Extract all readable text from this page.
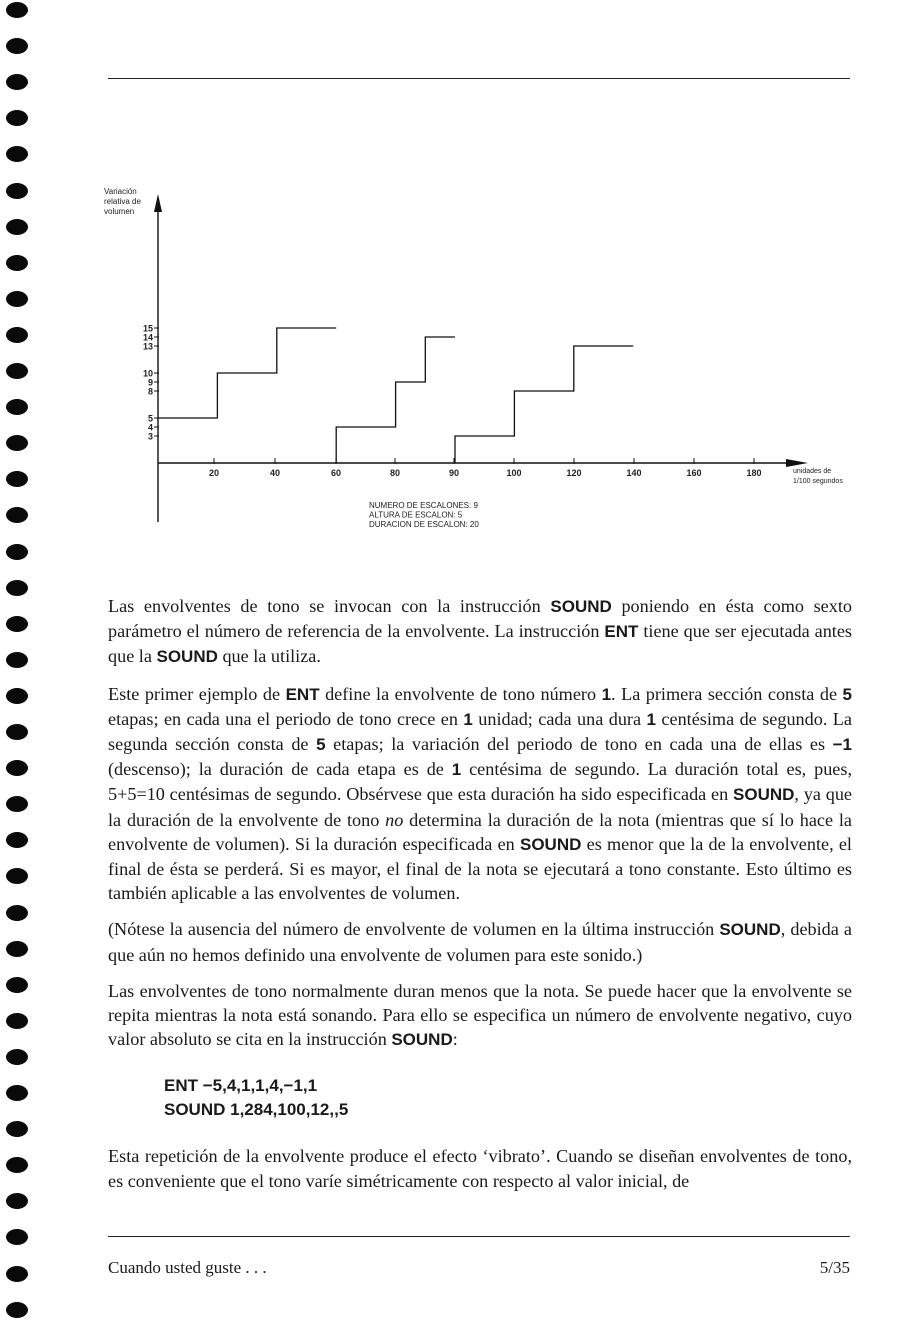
Variación relativa de volumen
15
14
13
10
9
8
5
4
3
20	40	60	80	90	100	120	140	160	180	unidades de 1/100 segundos
NUMERO DE ESCALONES: 9
ALTURA DE ESCALON: 5
DURACION DE ESCALON: 20

Las envolventes de tono se invocan con la instrucción SOUND poniendo en ésta como sexto parámetro el número de referencia de la envolvente. La instrucción ENT tiene que ser ejecutada antes que la SOUND que la utiliza.

Este primer ejemplo de ENT define la envolvente de tono número 1. La primera sección consta de 5 etapas; en cada una el periodo de tono crece en 1 unidad; cada una dura 1 centésima de segundo. La segunda sección consta de 5 etapas; la variación del periodo de tono en cada una de ellas es −1 (descenso); la duración de cada etapa es de 1 centésima de segundo. La duración total es, pues, 5+5=10 centésimas de segundo. Obsérvese que esta duración ha sido especificada en SOUND, ya que la duración de la envolvente de tono no determina la duración de la nota (mientras que sí lo hace la envolvente de volumen). Si la duración especificada en SOUND es menor que la de la envolvente, el final de ésta se perderá. Si es mayor, el final de la nota se ejecutará a tono constante. Esto último es también aplicable a las envolventes de volumen.

(Nótese la ausencia del número de envolvente de volumen en la última instrucción SOUND, debida a que aún no hemos definido una envolvente de volumen para este sonido.)

Las envolventes de tono normalmente duran menos que la nota. Se puede hacer que la envolvente se repita mientras la nota está sonando. Para ello se especifica un número de envolvente negativo, cuyo valor absoluto se cita en la instrucción SOUND:

ENT −5,4,1,1,4,−1,1
SOUND 1,284,100,12,,5

Esta repetición de la envolvente produce el efecto ‘vibrato’. Cuando se diseñan envolventes de tono, es conveniente que el tono varíe simétricamente con respecto al valor inicial, de

Cuando usted guste . . .	5/35
